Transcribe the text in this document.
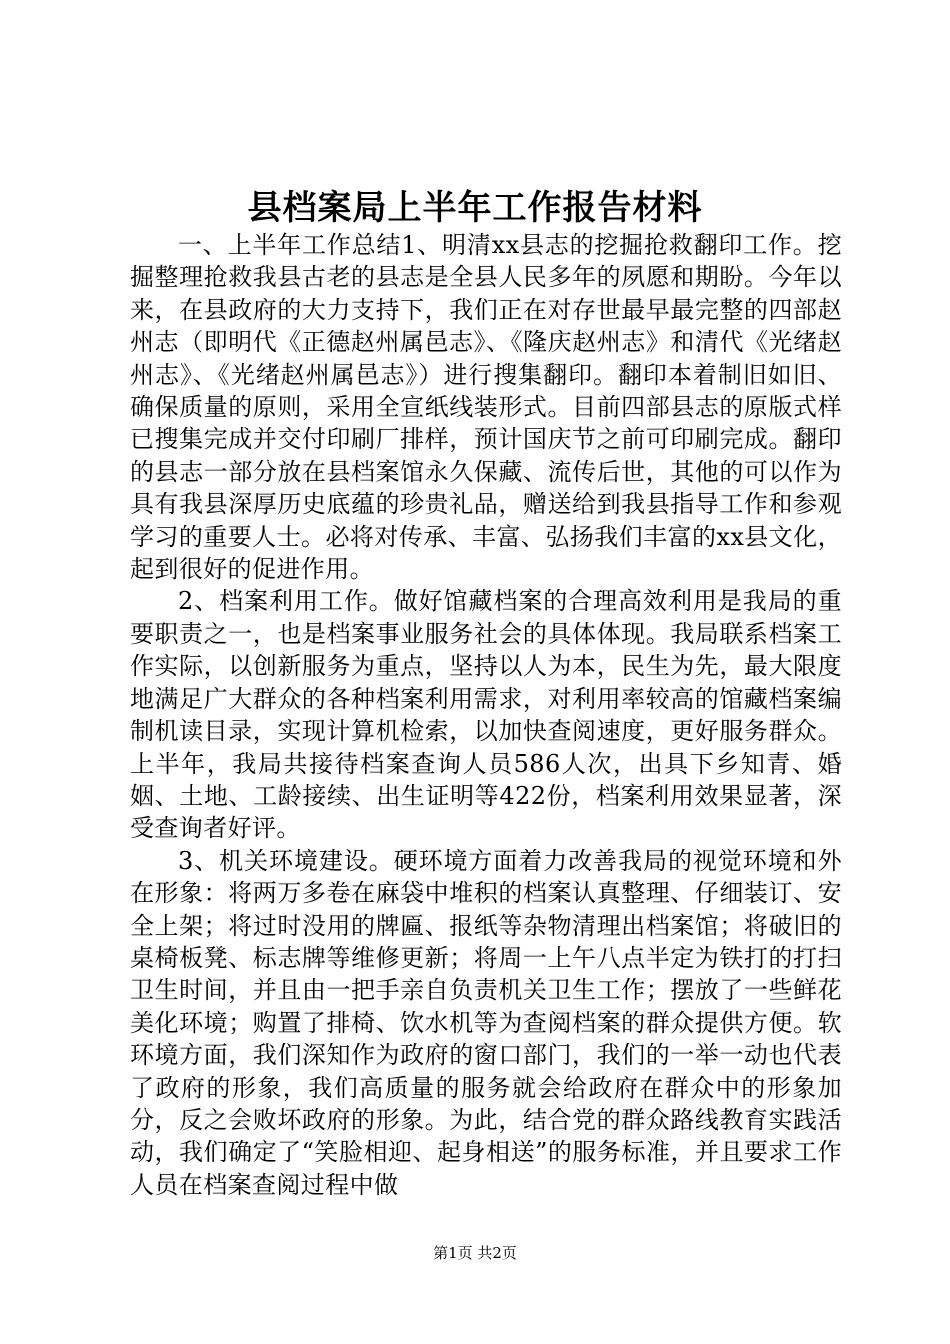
县档案局上半年工作报告材料

一、上半年工作总结1、明清xx县志的挖掘抢救翻印工作。挖掘整理抢救我县古老的县志是全县人民多年的夙愿和期盼。今年以来，在县政府的大力支持下，我们正在对存世最早最完整的四部赵州志（即明代《正德赵州属邑志》、《隆庆赵州志》和清代《光绪赵州志》、《光绪赵州属邑志》）进行搜集翻印。翻印本着制旧如旧、确保质量的原则，采用全宣纸线装形式。目前四部县志的原版式样已搜集完成并交付印刷厂排样，预计国庆节之前可印刷完成。翻印的县志一部分放在县档案馆永久保藏、流传后世，其他的可以作为具有我县深厚历史底蕴的珍贵礼品，赠送给到我县指导工作和参观学习的重要人士。必将对传承、丰富、弘扬我们丰富的xx县文化，起到很好的促进作用。

2、档案利用工作。做好馆藏档案的合理高效利用是我局的重要职责之一，也是档案事业服务社会的具体体现。我局联系档案工作实际，以创新服务为重点，坚持以人为本，民生为先，最大限度地满足广大群众的各种档案利用需求，对利用率较高的馆藏档案编制机读目录，实现计算机检索，以加快查阅速度，更好服务群众。上半年，我局共接待档案查询人员586人次，出具下乡知青、婚姻、土地、工龄接续、出生证明等422份，档案利用效果显著，深受查询者好评。

3、机关环境建设。硬环境方面着力改善我局的视觉环境和外在形象：将两万多卷在麻袋中堆积的档案认真整理、仔细装订、安全上架；将过时没用的牌匾、报纸等杂物清理出档案馆；将破旧的桌椅板凳、标志牌等维修更新；将周一上午八点半定为铁打的打扫卫生时间，并且由一把手亲自负责机关卫生工作；摆放了一些鲜花美化环境；购置了排椅、饮水机等为查阅档案的群众提供方便。软环境方面，我们深知作为政府的窗口部门，我们的一举一动也代表了政府的形象，我们高质量的服务就会给政府在群众中的形象加分，反之会败坏政府的形象。为此，结合党的群众路线教育实践活动，我们确定了“笑脸相迎、起身相送”的服务标准，并且要求工作人员在档案查阅过程中做

第1页 共2页
